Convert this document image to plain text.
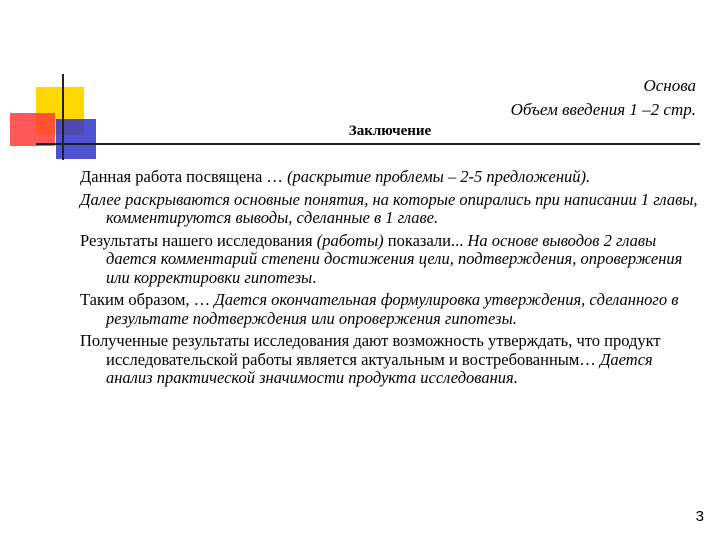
Основа
Объем введения 1 –2 стр.
Заключение

Данная работа посвящена … (раскрытие проблемы – 2-5 предложений).

Далее раскрываются основные понятия, на которые опирались при написании 1 главы, комментируются выводы, сделанные в 1 главе.

Результаты нашего исследования (работы) показали... На основе выводов 2 главы дается комментарий степени достижения цели, подтверждения, опровержения или корректировки гипотезы.

Таким образом, … Дается окончательная формулировка утверждения, сделанного в результате подтверждения или опровержения гипотезы.

Полученные результаты исследования дают возможность утверждать, что продукт исследовательской работы является актуальным и востребованным… Дается анализ практической значимости продукта исследования.

3
